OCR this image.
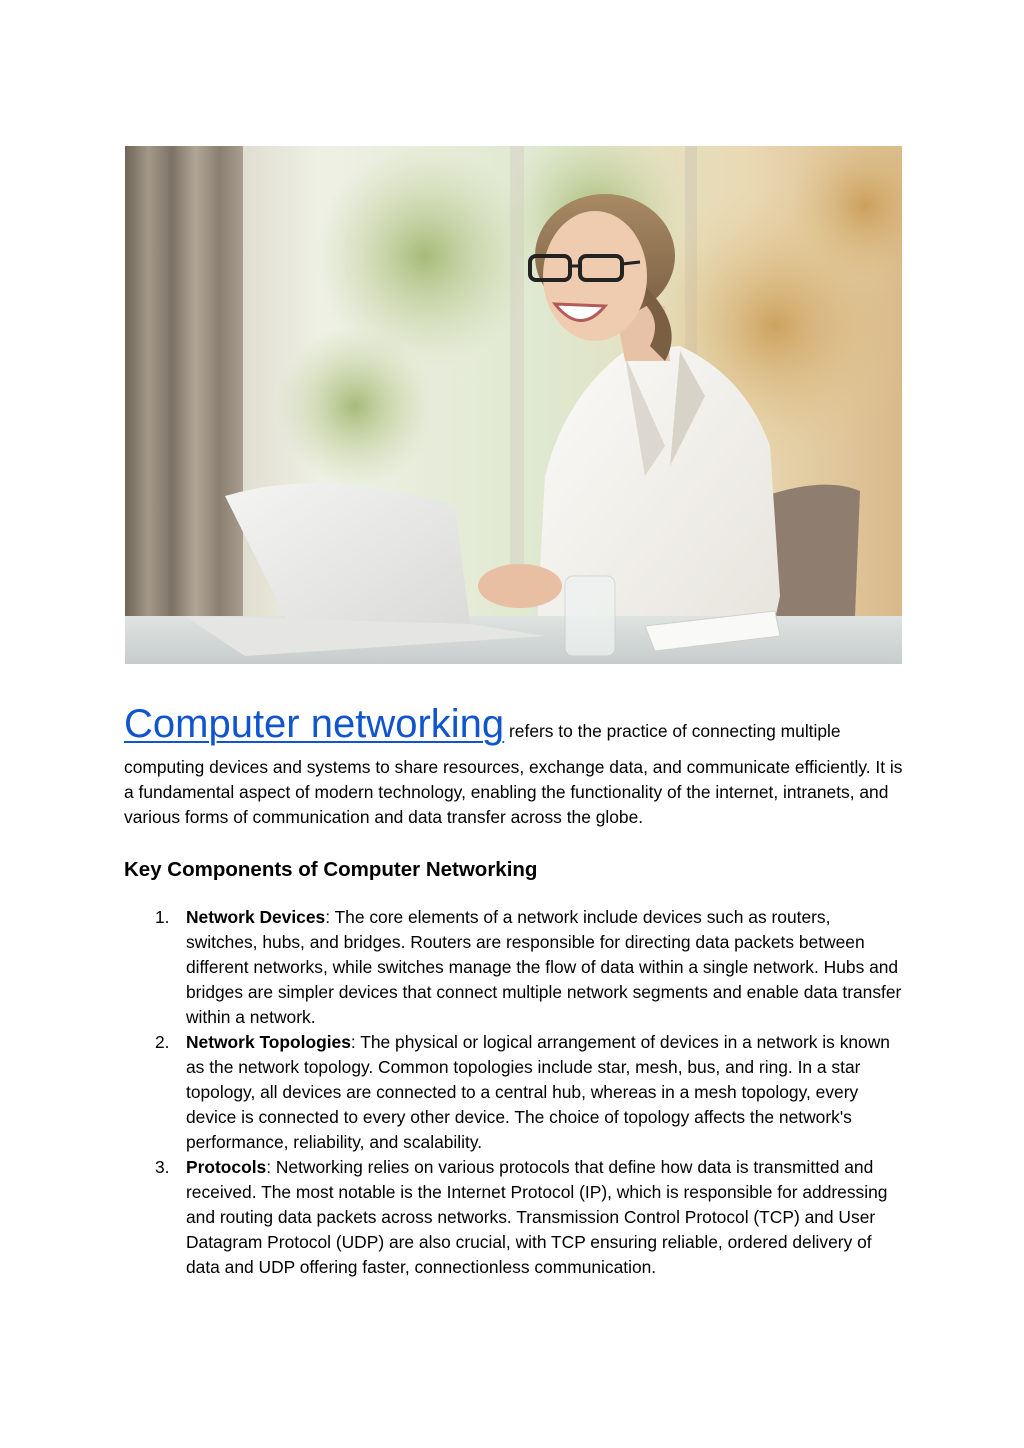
Computer networking refers to the practice of connecting multiple
computing devices and systems to share resources, exchange data, and communicate efficiently. It is a fundamental aspect of modern technology, enabling the functionality of the internet, intranets, and various forms of communication and data transfer across the globe.

Key Components of Computer Networking
1. Network Devices: The core elements of a network include devices such as routers, switches, hubs, and bridges. Routers are responsible for directing data packets between different networks, while switches manage the flow of data within a single network. Hubs and bridges are simpler devices that connect multiple network segments and enable data transfer within a network.
2. Network Topologies: The physical or logical arrangement of devices in a network is known as the network topology. Common topologies include star, mesh, bus, and ring. In a star topology, all devices are connected to a central hub, whereas in a mesh topology, every device is connected to every other device. The choice of topology affects the network's performance, reliability, and scalability.
3. Protocols: Networking relies on various protocols that define how data is transmitted and received. The most notable is the Internet Protocol (IP), which is responsible for addressing and routing data packets across networks. Transmission Control Protocol (TCP) and User Datagram Protocol (UDP) are also crucial, with TCP ensuring reliable, ordered delivery of data and UDP offering faster, connectionless communication.
